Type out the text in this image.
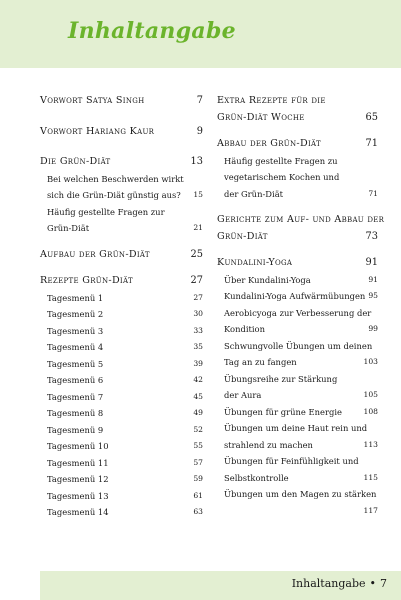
Inhaltangabe
Vorwort Satya Singh	7
Vorwort Hariang Kaur	9
Die Grün-Diät	13
Bei welchen Beschwerden wirkt
sich die Grün-Diät günstig aus? 15
Häufig gestellte Fragen zur
Grün-Diät	21
Aufbau der Grün-Diät	25
Rezepte Grün-Diät	27
Tagesmenü 1	27
Tagesmenü 2	30
Tagesmenü 3	33
Tagesmenü 4	35
Tagesmenü 5	39
Tagesmenü 6	42
Tagesmenü 7	45
Tagesmenü 8	49
Tagesmenü 9	52
Tagesmenü 10	55
Tagesmenü 11	57
Tagesmenü 12	59
Tagesmenü 13	61
Tagesmenü 14	63
Extra Rezepte für die
Grün-Diät Woche	65
Abbau der Grün-Diät	71
Häufig gestellte Fragen zu
vegetarischem Kochen und
der Grün-Diät	71
Gerichte zum Auf- und Abbau der
Grün-Diät	73
Kundalini-Yoga	91
Über Kundalini-Yoga	91
Kundalini-Yoga Aufwärmübungen 95
Aerobicyoga zur Verbesserung der
Kondition	99
Schwungvolle Übungen um deinen
Tag an zu fangen	103
Übungsreihe zur Stärkung
der Aura	105
Übungen für grüne Energie	108
Übungen um deine Haut rein und
strahlend zu machen	113
Übungen für Feinfühligkeit und
Selbstkontrolle	115
Übungen um den Magen zu stärken
117
Inhaltangabe • 7
